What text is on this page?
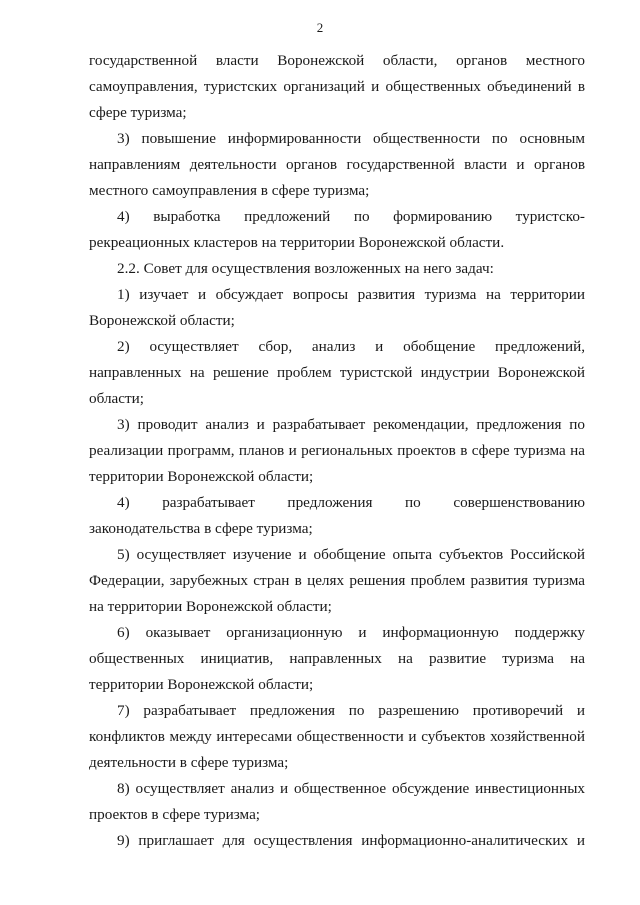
2

государственной власти Воронежской области, органов местного самоуправления, туристских организаций и общественных объединений в сфере туризма;

3) повышение информированности общественности по основным направлениям деятельности органов государственной власти и органов местного самоуправления в сфере туризма;

4) выработка предложений по формированию туристско-рекреационных кластеров на территории Воронежской области.

2.2. Совет для осуществления возложенных на него задач:

1) изучает и обсуждает вопросы развития туризма на территории Воронежской области;

2) осуществляет сбор, анализ и обобщение предложений, направленных на решение проблем туристской индустрии Воронежской области;

3) проводит анализ и разрабатывает рекомендации, предложения по реализации программ, планов и региональных проектов в сфере туризма на территории Воронежской области;

4) разрабатывает предложения по совершенствованию законодательства в сфере туризма;

5) осуществляет изучение и обобщение опыта субъектов Российской Федерации, зарубежных стран в целях решения проблем развития туризма на территории Воронежской области;

6) оказывает организационную и информационную поддержку общественных инициатив, направленных на развитие туризма на территории Воронежской области;

7) разрабатывает предложения по разрешению противоречий и конфликтов между интересами общественности и субъектов хозяйственной деятельности в сфере туризма;

8) осуществляет анализ и общественное обсуждение инвестиционных проектов в сфере туризма;

9) приглашает для осуществления информационно-аналитических и
